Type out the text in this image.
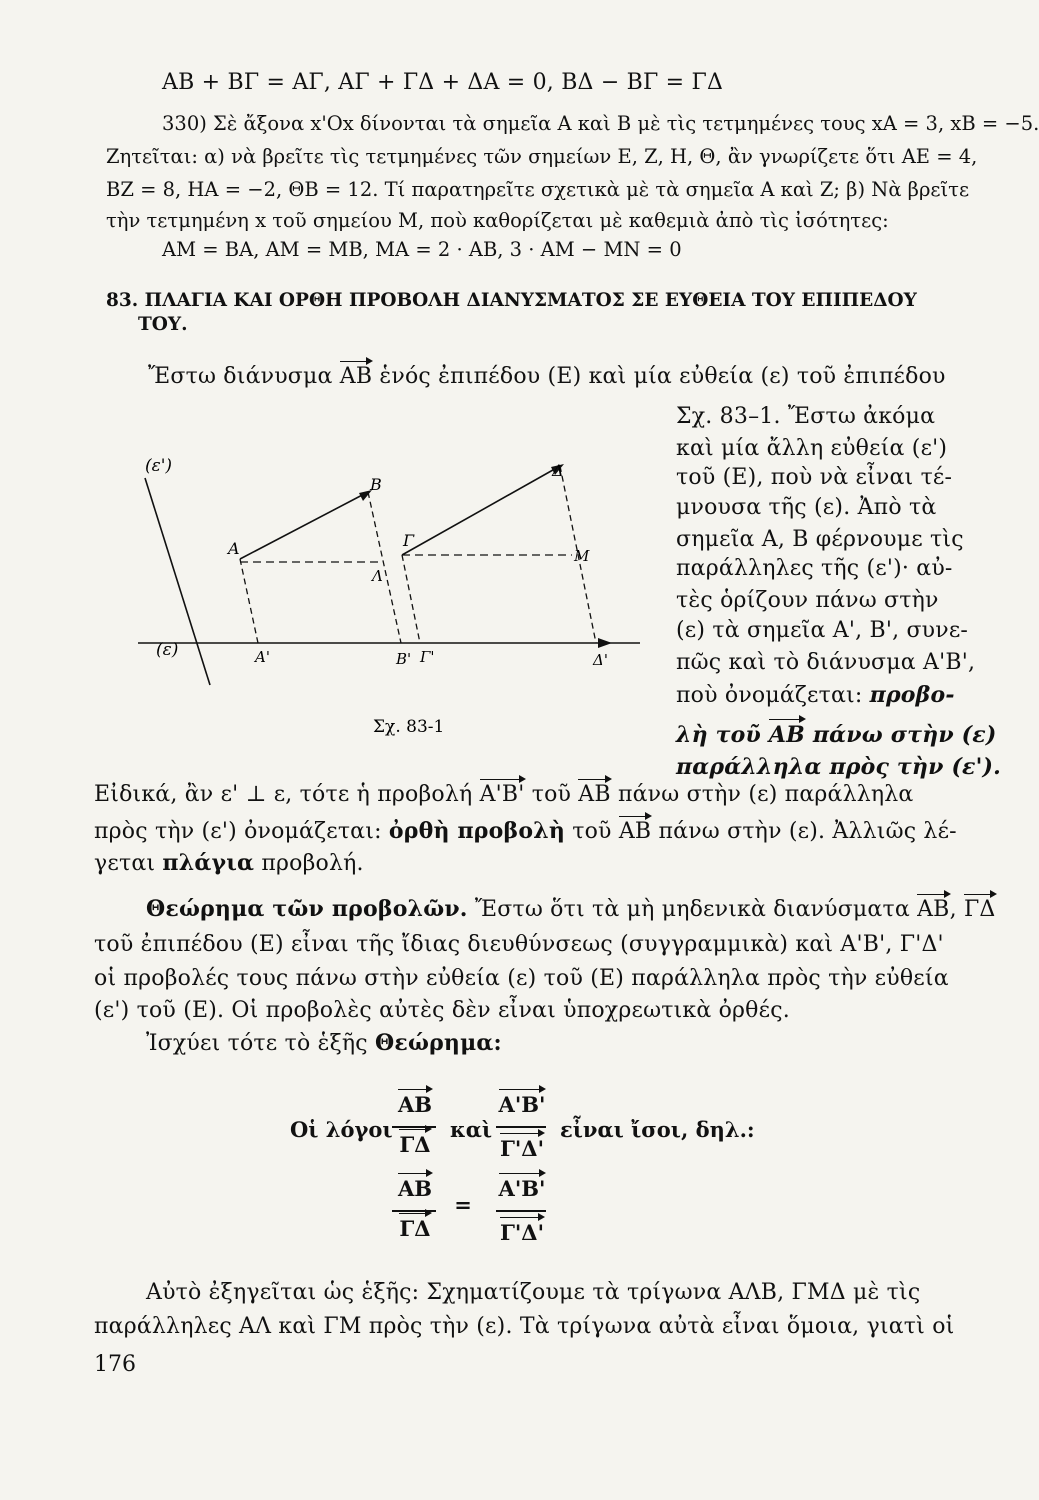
AB + ΒΓ = ΑΓ, ΑΓ + ΓΔ + ΔΑ = 0, ΒΔ − ΒΓ = ΓΔ
330) Σὲ ἄξονα x'Οx δίνονται τὰ σημεῖα Α καὶ Β μὲ τὶς τετμημένες τους xA = 3, xB = −5.
Ζητεῖται: α) νὰ βρεῖτε τὶς τετμημένες τῶν σημείων Ε, Ζ, Η, Θ, ἂν γνωρίζετε ὅτι ΑΕ = 4,
ΒΖ = 8, ΗΑ = −2, ΘΒ = 12. Τί παρατηρεῖτε σχετικὰ μὲ τὰ σημεῖα Α καὶ Ζ; β) Νὰ βρεῖτε
τὴν τετμημένη x τοῦ σημείου Μ, ποὺ καθορίζεται μὲ καθεμιὰ ἀπὸ τὶς ἰσότητες:
ΑΜ = ΒΑ, ΑΜ = ΜΒ, ΜΑ = 2 · ΑΒ, 3 · ΑΜ − ΜΝ = 0
83. ΠΛΑΓΙΑ ΚΑΙ ΟΡΘΗ ΠΡΟΒΟΛΗ ΔΙΑΝΥΣΜΑΤΟΣ ΣΕ ΕΥΘΕΙΑ ΤΟΥ ΕΠΙΠΕΔΟΥ
ΤΟΥ.
Ἔστω διάνυσμα AB ἑνός ἐπιπέδου (Ε) καὶ μία εὐθεία (ε) τοῦ ἐπιπέδου
Σχ. 83–1. Ἔστω ἀκόμα
καὶ μία ἄλλη εὐθεία (ε')
τοῦ (Ε), ποὺ νὰ εἶναι τέ-
μνουσα τῆς (ε). Ἀπὸ τὰ
σημεῖα Α, Β φέρνουμε τὶς
παράλληλες τῆς (ε')· αὐ-
τὲς ὁρίζουν πάνω στὴν
(ε) τὰ σημεῖα Α', Β', συνε-
πῶς καὶ τὸ διάνυσμα Α'Β',
ποὺ ὀνομάζεται: προβο-
λὴ τοῦ AB πάνω στὴν (ε)
παράλληλα πρὸς τὴν (ε').
(ε')
(ε)
A
B
Γ
Δ
M
Λ
A'	B' Γ'	Δ'
Σχ. 83-1
Εἰδικά, ἂν ε' ⊥ ε, τότε ἡ προβολή A'B' τοῦ AB πάνω στὴν (ε) παράλληλα
πρὸς τὴν (ε') ὀνομάζεται: ὀρθὴ προβολὴ τοῦ AB πάνω στὴν (ε). Ἀλλιῶς λέ-
γεται πλάγια προβολή.
Θεώρημα τῶν προβολῶν. Ἔστω ὅτι τὰ μὴ μηδενικὰ διανύσματα AB, ΓΔ
τοῦ ἐπιπέδου (Ε) εἶναι τῆς ἴδιας διευθύνσεως (συγγραμμικὰ) καὶ Α'Β', Γ'Δ'
οἱ προβολές τους πάνω στὴν εὐθεία (ε) τοῦ (Ε) παράλληλα πρὸς τὴν εὐθεία
(ε') τοῦ (Ε). Οἱ προβολὲς αὐτὲς δὲν εἶναι ὑποχρεωτικὰ ὀρθές.
Ἰσχύει τότε τὸ ἑξῆς Θεώρημα:
Οἱ λόγοι
AB
ΓΔ
καὶ
A'B'
Γ'Δ'
εἶναι ἴσοι, δηλ.:
AB
ΓΔ
=
A'B'
Γ'Δ'
Αὐτὸ ἐξηγεῖται ὡς ἑξῆς: Σχηματίζουμε τὰ τρίγωνα ΑΛΒ, ΓΜΔ μὲ τὶς
παράλληλες ΑΛ καὶ ΓΜ πρὸς τὴν (ε). Τὰ τρίγωνα αὐτὰ εἶναι ὅμοια, γιατὶ οἱ
176
